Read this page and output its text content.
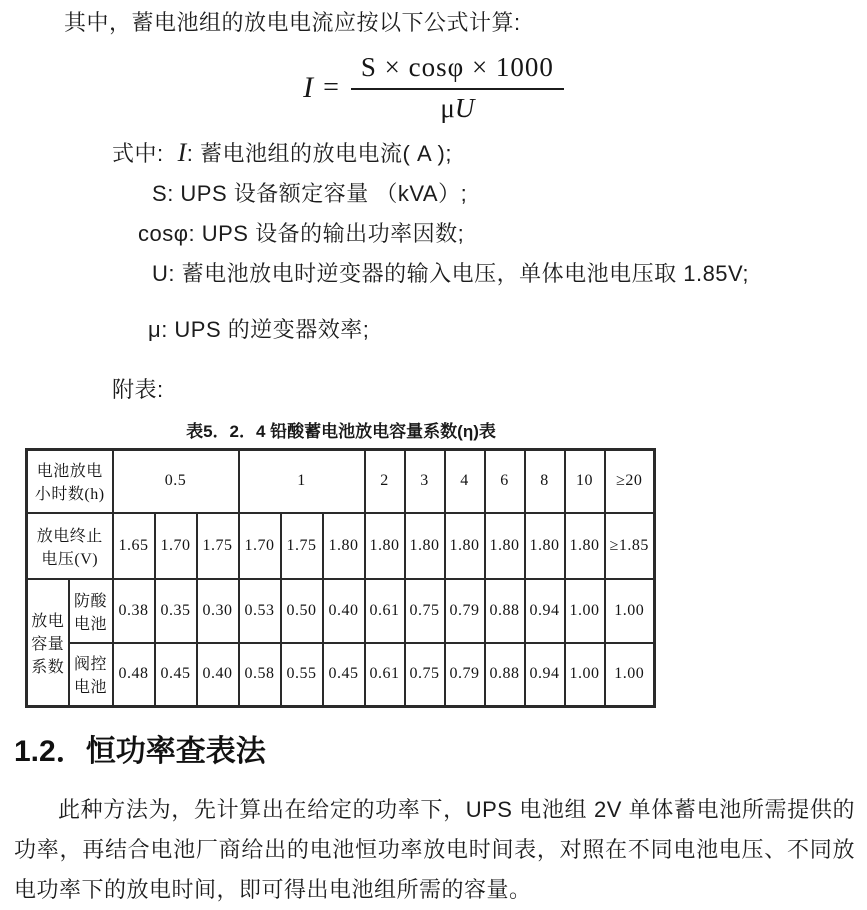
其中，蓄电池组的放电电流应按以下公式计算:

$I = \frac{S \times \cos\varphi \times 1000}{\mu U}$

式中: I: 蓄电池组的放电电流( A );

S: UPS 设备额定容量 （kVA）;

cosφ: UPS 设备的输出功率因数;

U: 蓄电池放电时逆变器的输入电压，单体电池电压取 1.85V;

μ: UPS 的逆变器效率;

附表:

表5．2．4 铅酸蓄电池放电容量系数(η)表
电池放电小时数(h)		0.5			1			2	3	4	6	8	10	≥20
放电终止电压(V)		1.65	1.70	1.75	1.70	1.75	1.80	1.80	1.80	1.80	1.80	1.80	1.80	≥1.85
放电容量系数	防酸电池	0.38	0.35	0.30	0.53	0.50	0.40	0.61	0.75	0.79	0.88	0.94	1.00	1.00
	阀控电池	0.48	0.45	0.40	0.58	0.55	0.45	0.61	0.75	0.79	0.88	0.94	1.00	1.00
1.2．恒功率查表法

此种方法为，先计算出在给定的功率下，UPS 电池组 2V 单体蓄电池所需提供的功率，再结合电池厂商给出的电池恒功率放电时间表，对照在不同电池电压、不同放电功率下的放电时间，即可得出电池组所需的容量。
